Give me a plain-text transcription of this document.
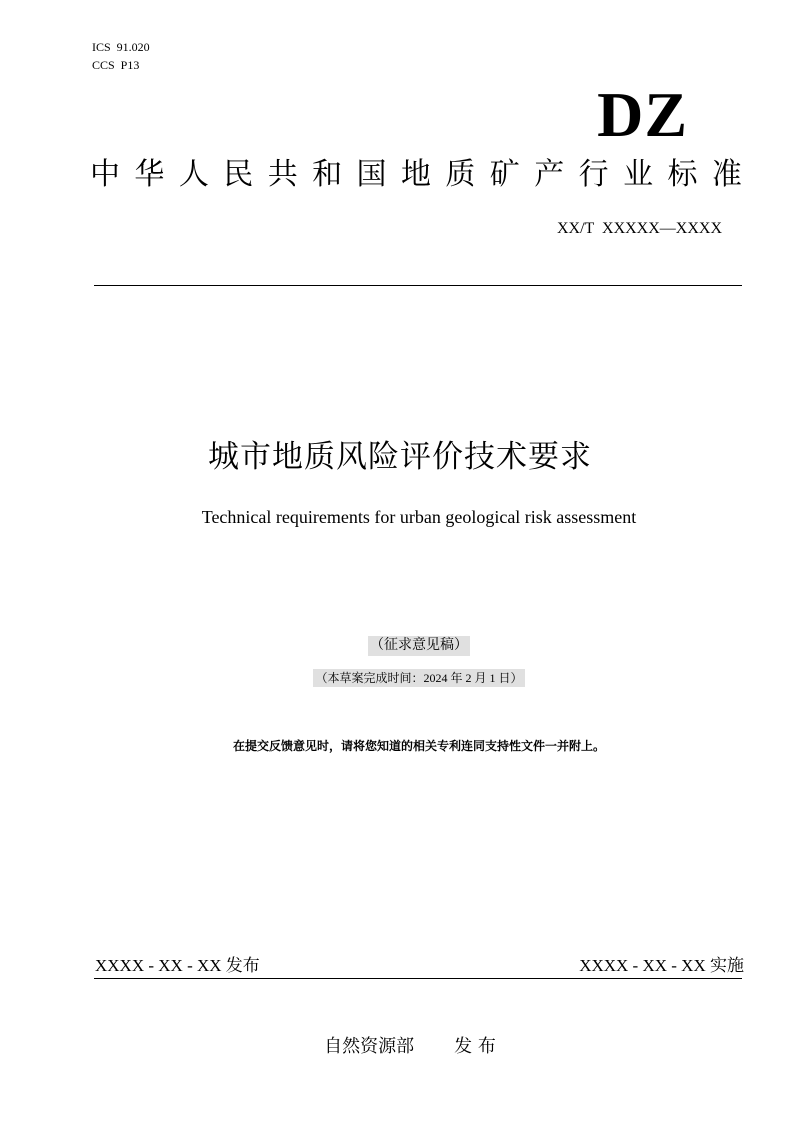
ICS  91.020
CCS  P13
DZ
中 华 人 民 共 和 国 地 质 矿 产 行 业 标 准
XX/T  XXXXX—XXXX
城市地质风险评价技术要求
Technical requirements for urban geological risk assessment
（征求意见稿）
（本草案完成时间：2024 年 2 月 1 日）
在提交反馈意见时，请将您知道的相关专利连同支持性文件一并附上。
XXXX - XX - XX 发布	XXXX - XX - XX 实施
自然资源部 发 布
